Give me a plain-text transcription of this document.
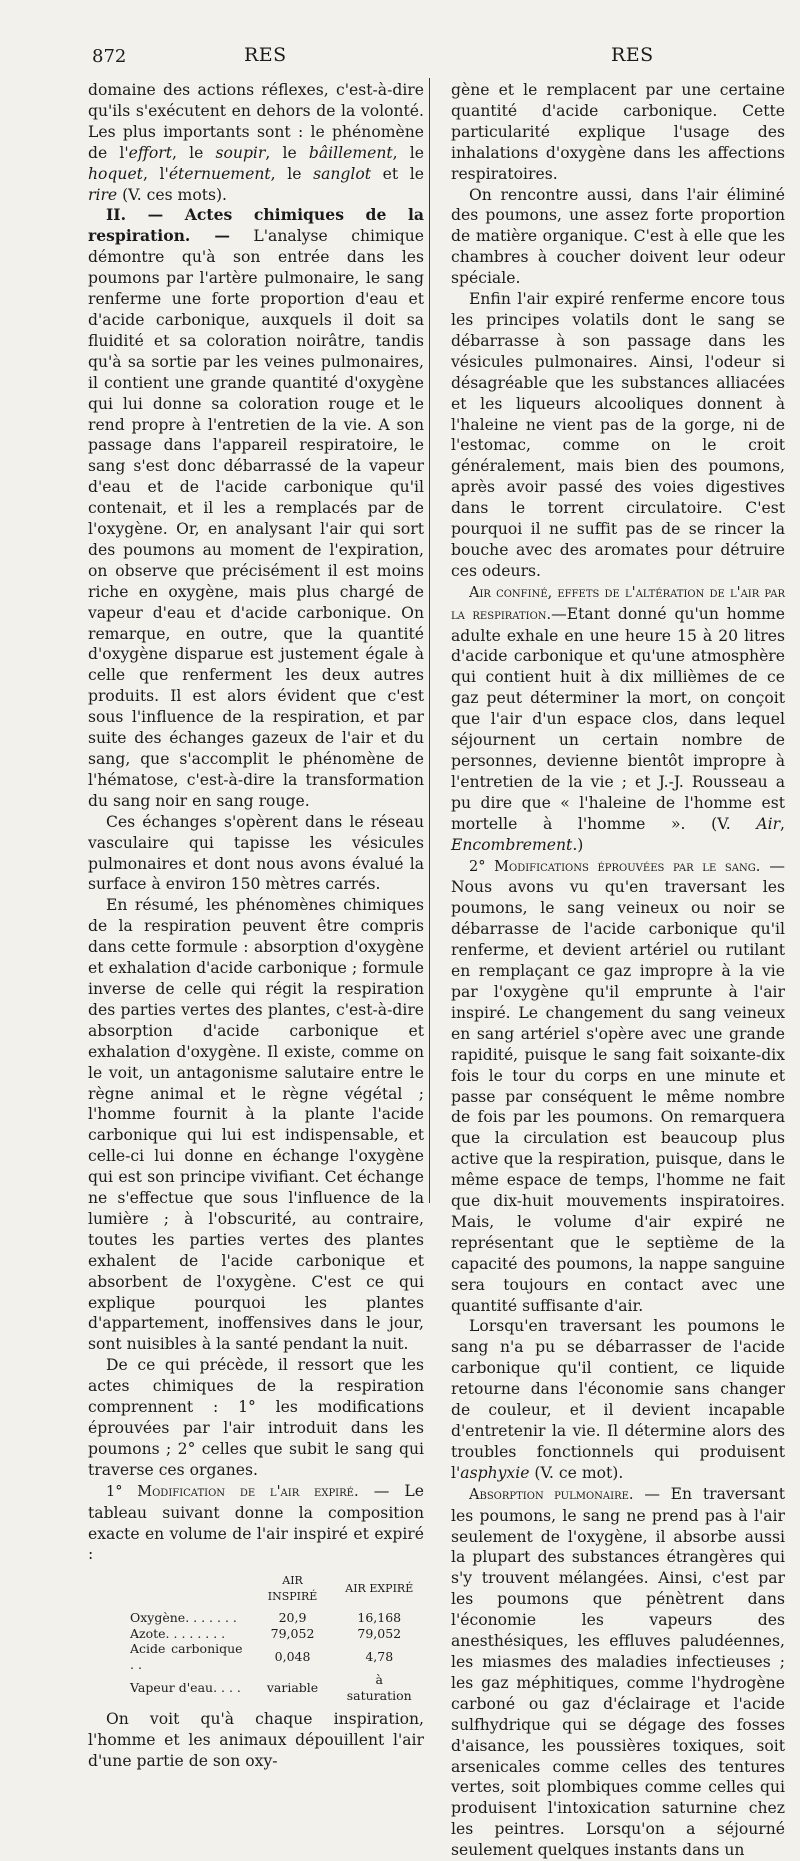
872	RES	RES

domaine des actions réflexes, c'est-à-dire qu'ils s'exécutent en dehors de la volonté. Les plus importants sont : le phénomène de l'effort, le soupir, le bâillement, le hoquet, l'éternuement, le sanglot et le rire (V. ces mots).

II. — Actes chimiques de la respiration. — L'analyse chimique démontre qu'à son entrée dans les poumons par l'artère pulmonaire, le sang renferme une forte proportion d'eau et d'acide carbonique, auxquels il doit sa fluidité et sa coloration noirâtre, tandis qu'à sa sortie par les veines pulmonaires, il contient une grande quantité d'oxygène qui lui donne sa coloration rouge et le rend propre à l'entretien de la vie. A son passage dans l'appareil respiratoire, le sang s'est donc débarrassé de la vapeur d'eau et de l'acide carbonique qu'il contenait, et il les a remplacés par de l'oxygène. Or, en analysant l'air qui sort des poumons au moment de l'expiration, on observe que précisément il est moins riche en oxygène, mais plus chargé de vapeur d'eau et d'acide carbonique. On remarque, en outre, que la quantité d'oxygène disparue est justement égale à celle que renferment les deux autres produits. Il est alors évident que c'est sous l'influence de la respiration, et par suite des échanges gazeux de l'air et du sang, que s'accomplit le phénomène de l'hématose, c'est-à-dire la transformation du sang noir en sang rouge.

Ces échanges s'opèrent dans le réseau vasculaire qui tapisse les vésicules pulmonaires et dont nous avons évalué la surface à environ 150 mètres carrés.

En résumé, les phénomènes chimiques de la respiration peuvent être compris dans cette formule : absorption d'oxygène et exhalation d'acide carbonique ; formule inverse de celle qui régit la respiration des parties vertes des plantes, c'est-à-dire absorption d'acide carbonique et exhalation d'oxygène. Il existe, comme on le voit, un antagonisme salutaire entre le règne animal et le règne végétal ; l'homme fournit à la plante l'acide carbonique qui lui est indispensable, et celle-ci lui donne en échange l'oxygène qui est son principe vivifiant. Cet échange ne s'effectue que sous l'influence de la lumière ; à l'obscurité, au contraire, toutes les parties vertes des plantes exhalent de l'acide carbonique et absorbent de l'oxygène. C'est ce qui explique pourquoi les plantes d'appartement, inoffensives dans le jour, sont nuisibles à la santé pendant la nuit.

De ce qui précède, il ressort que les actes chimiques de la respiration comprennent : 1° les modifications éprouvées par l'air introduit dans les poumons ; 2° celles que subit le sang qui traverse ces organes.

1° Modification de l'air expiré. — Le tableau suivant donne la composition exacte en volume de l'air inspiré et expiré :

	AIR INSPIRÉ	AIR EXPIRÉ
Oxygène. . . . . . .	20,9	16,168
Azote. . . . . . . .	79,052	79,052
Acide carbonique . .	0,048	4,78
Vapeur d'eau. . . .	variable	à saturation

On voit qu'à chaque inspiration, l'homme et les animaux dépouillent l'air d'une partie de son oxy-

gène et le remplacent par une certaine quantité d'acide carbonique. Cette particularité explique l'usage des inhalations d'oxygène dans les affections respiratoires.

On rencontre aussi, dans l'air éliminé des poumons, une assez forte proportion de matière organique. C'est à elle que les chambres à coucher doivent leur odeur spéciale.

Enfin l'air expiré renferme encore tous les principes volatils dont le sang se débarrasse à son passage dans les vésicules pulmonaires. Ainsi, l'odeur si désagréable que les substances alliacées et les liqueurs alcooliques donnent à l'haleine ne vient pas de la gorge, ni de l'estomac, comme on le croit généralement, mais bien des poumons, après avoir passé des voies digestives dans le torrent circulatoire. C'est pourquoi il ne suffit pas de se rincer la bouche avec des aromates pour détruire ces odeurs.

Air confiné, effets de l'altération de l'air par la respiration.—Etant donné qu'un homme adulte exhale en une heure 15 à 20 litres d'acide carbonique et qu'une atmosphère qui contient huit à dix millièmes de ce gaz peut déterminer la mort, on conçoit que l'air d'un espace clos, dans lequel séjournent un certain nombre de personnes, devienne bientôt impropre à l'entretien de la vie ; et J.-J. Rousseau a pu dire que « l'haleine de l'homme est mortelle à l'homme ». (V. Air, Encombrement.)

2° Modifications éprouvées par le sang. — Nous avons vu qu'en traversant les poumons, le sang veineux ou noir se débarrasse de l'acide carbonique qu'il renferme, et devient artériel ou rutilant en remplaçant ce gaz impropre à la vie par l'oxygène qu'il emprunte à l'air inspiré. Le changement du sang veineux en sang artériel s'opère avec une grande rapidité, puisque le sang fait soixante-dix fois le tour du corps en une minute et passe par conséquent le même nombre de fois par les poumons. On remarquera que la circulation est beaucoup plus active que la respiration, puisque, dans le même espace de temps, l'homme ne fait que dix-huit mouvements inspiratoires. Mais, le volume d'air expiré ne représentant que le septième de la capacité des poumons, la nappe sanguine sera toujours en contact avec une quantité suffisante d'air.

Lorsqu'en traversant les poumons le sang n'a pu se débarrasser de l'acide carbonique qu'il contient, ce liquide retourne dans l'économie sans changer de couleur, et il devient incapable d'entretenir la vie. Il détermine alors des troubles fonctionnels qui produisent l'asphyxie (V. ce mot).

Absorption pulmonaire. — En traversant les poumons, le sang ne prend pas à l'air seulement de l'oxygène, il absorbe aussi la plupart des substances étrangères qui s'y trouvent mélangées. Ainsi, c'est par les poumons que pénètrent dans l'économie les vapeurs des anesthésiques, les effluves paludéennes, les miasmes des maladies infectieuses ; les gaz méphitiques, comme l'hydrogène carboné ou gaz d'éclairage et l'acide sulfhydrique qui se dégage des fosses d'aisance, les poussières toxiques, soit arsenicales comme celles des tentures vertes, soit plombiques comme celles qui produisent l'intoxication saturnine chez les peintres. Lorsqu'on a séjourné seulement quelques instants dans un
